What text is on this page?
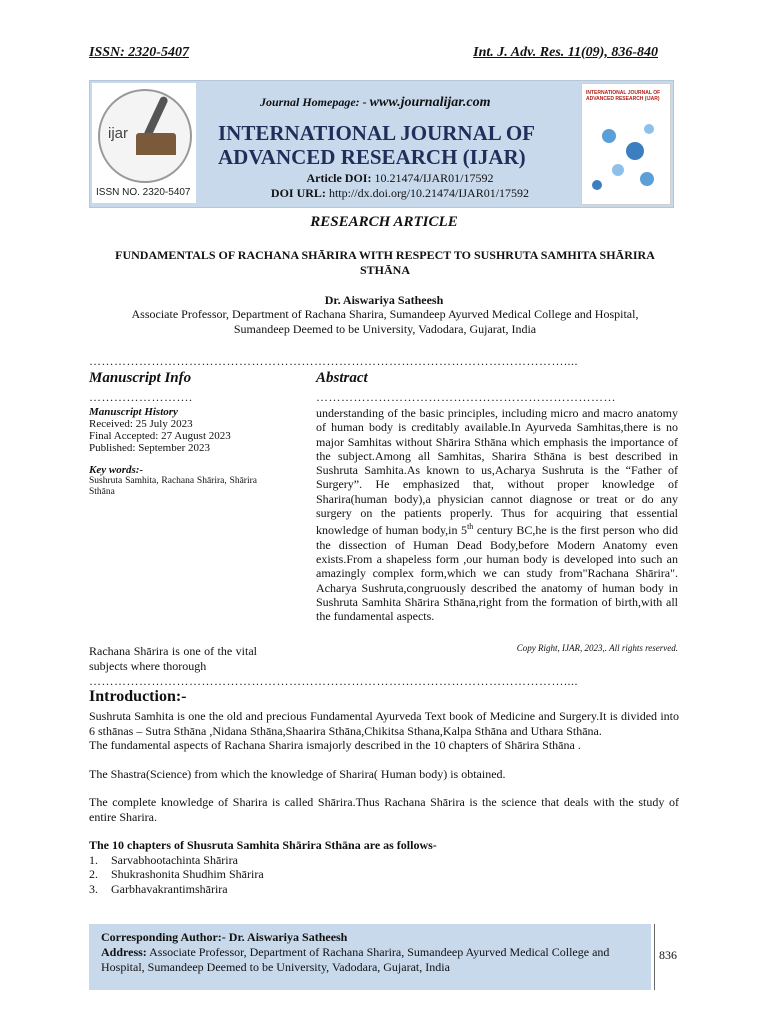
ISSN: 2320-5407	Int. J. Adv. Res. 11(09), 836-840
ijar
ISSN NO. 2320-5407
Journal Homepage: - www.journalijar.com
INTERNATIONAL JOURNAL OF
ADVANCED RESEARCH (IJAR)
Article DOI: 10.21474/IJAR01/17592
DOI URL: http://dx.doi.org/10.21474/IJAR01/17592
INTERNATIONAL JOURNAL OF ADVANCED RESEARCH (IJAR)
RESEARCH ARTICLE
FUNDAMENTALS OF RACHANA SHĀRIRA WITH RESPECT TO SUSHRUTA SAMHITA SHĀRIRA STHĀNA
Dr. Aiswariya Satheesh
Associate Professor, Department of Rachana Sharira, Sumandeep Ayurved Medical College and Hospital,
Sumandeep Deemed to be University, Vadodara, Gujarat, India
……………………………………………………………………………………………………....
Manuscript Info	Abstract
…………………….	………………………………………………………………
Manuscript History
Received: 25 July 2023
Final Accepted: 27 August 2023
Published: September 2023
Key words:-
Sushruta Samhita, Rachana Shārira, Shārira Sthāna
understanding of the basic principles, including micro and macro anatomy of human body is creditably available.In Ayurveda Samhitas,there is no major Samhitas without Shārira Sthāna which emphasis the importance of the subject.Among all Samhitas, Sharira Sthāna is best described in Sushruta Samhita.As known to us,Acharya Sushruta is the “Father of Surgery”. He emphasized that, without proper knowledge of Sharira(human body),a physician cannot diagnose or treat or do any surgery on the patients properly. Thus for acquiring that essential knowledge of human body,in 5th century BC,he is the first person who did the dissection of Human Dead Body,before Modern Anatomy even exists.From a shapeless form ,our human body is developed into such an amazingly complex form,which we can study from"Rachana Shārira". Acharya Sushruta,congruously described the anatomy of human body in Sushruta Samhita Shārira Sthāna,right from the formation of birth,with all the fundamental aspects.
Rachana Shārira is one of the vital subjects where thorough
Copy Right, IJAR, 2023,. All rights reserved.
……………………………………………………………………………………………………....
Introduction:-

Sushruta Samhita is one the old and precious Fundamental Ayurveda Text book of Medicine and Surgery.It is divided into 6 sthānas – Sutra Sthāna ,Nidana Sthāna,Shaarira Sthāna,Chikitsa Sthana,Kalpa Sthāna and Uthara Sthāna.

The fundamental aspects of Rachana Sharira ismajorly described in the 10 chapters of Shārira Sthāna .

The Shastra(Science) from which the knowledge of Sharira( Human body) is obtained.

The complete knowledge of Sharira is called Shārira.Thus Rachana Shārira is the science that deals with the study of entire Sharira.

The 10 chapters of Shusruta Samhita Shārira Sthāna are as follows-

1.	Sarvabhootachinta Shārira
2.	Shukrashonita Shudhim Shārira
3.	Garbhavakrantimshārira
Corresponding Author:- Dr. Aiswariya Satheesh
Address: Associate Professor, Department of Rachana Sharira, Sumandeep Ayurved Medical College and Hospital, Sumandeep Deemed to be University, Vadodara, Gujarat, India
836
